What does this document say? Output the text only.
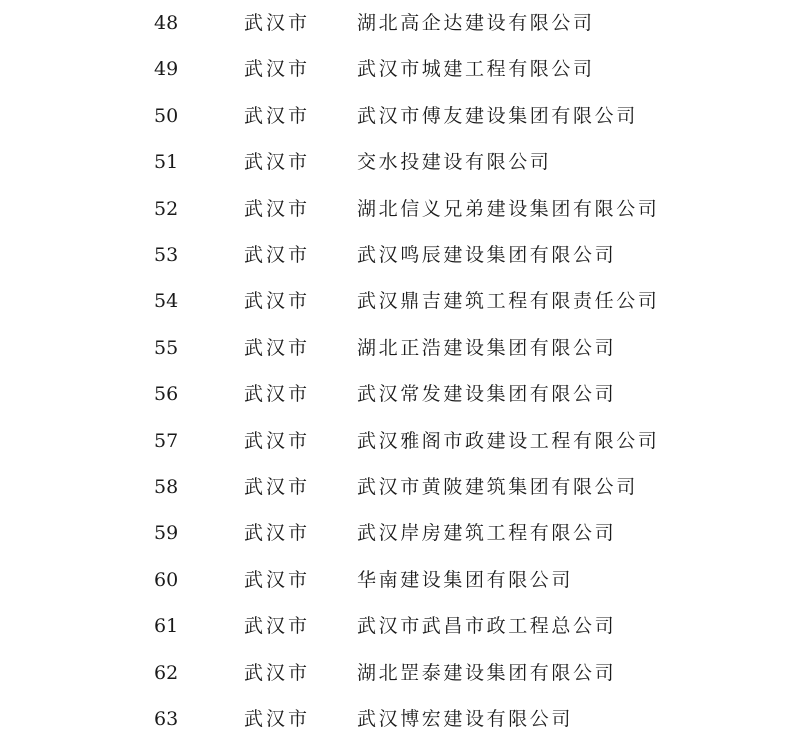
48	武汉市	湖北高企达建设有限公司
49	武汉市	武汉市城建工程有限公司
50	武汉市	武汉市傅友建设集团有限公司
51	武汉市	交水投建设有限公司
52	武汉市	湖北信义兄弟建设集团有限公司
53	武汉市	武汉鸣辰建设集团有限公司
54	武汉市	武汉鼎吉建筑工程有限责任公司
55	武汉市	湖北正浩建设集团有限公司
56	武汉市	武汉常发建设集团有限公司
57	武汉市	武汉雅阁市政建设工程有限公司
58	武汉市	武汉市黄陂建筑集团有限公司
59	武汉市	武汉岸房建筑工程有限公司
60	武汉市	华南建设集团有限公司
61	武汉市	武汉市武昌市政工程总公司
62	武汉市	湖北罡泰建设集团有限公司
63	武汉市	武汉博宏建设有限公司
